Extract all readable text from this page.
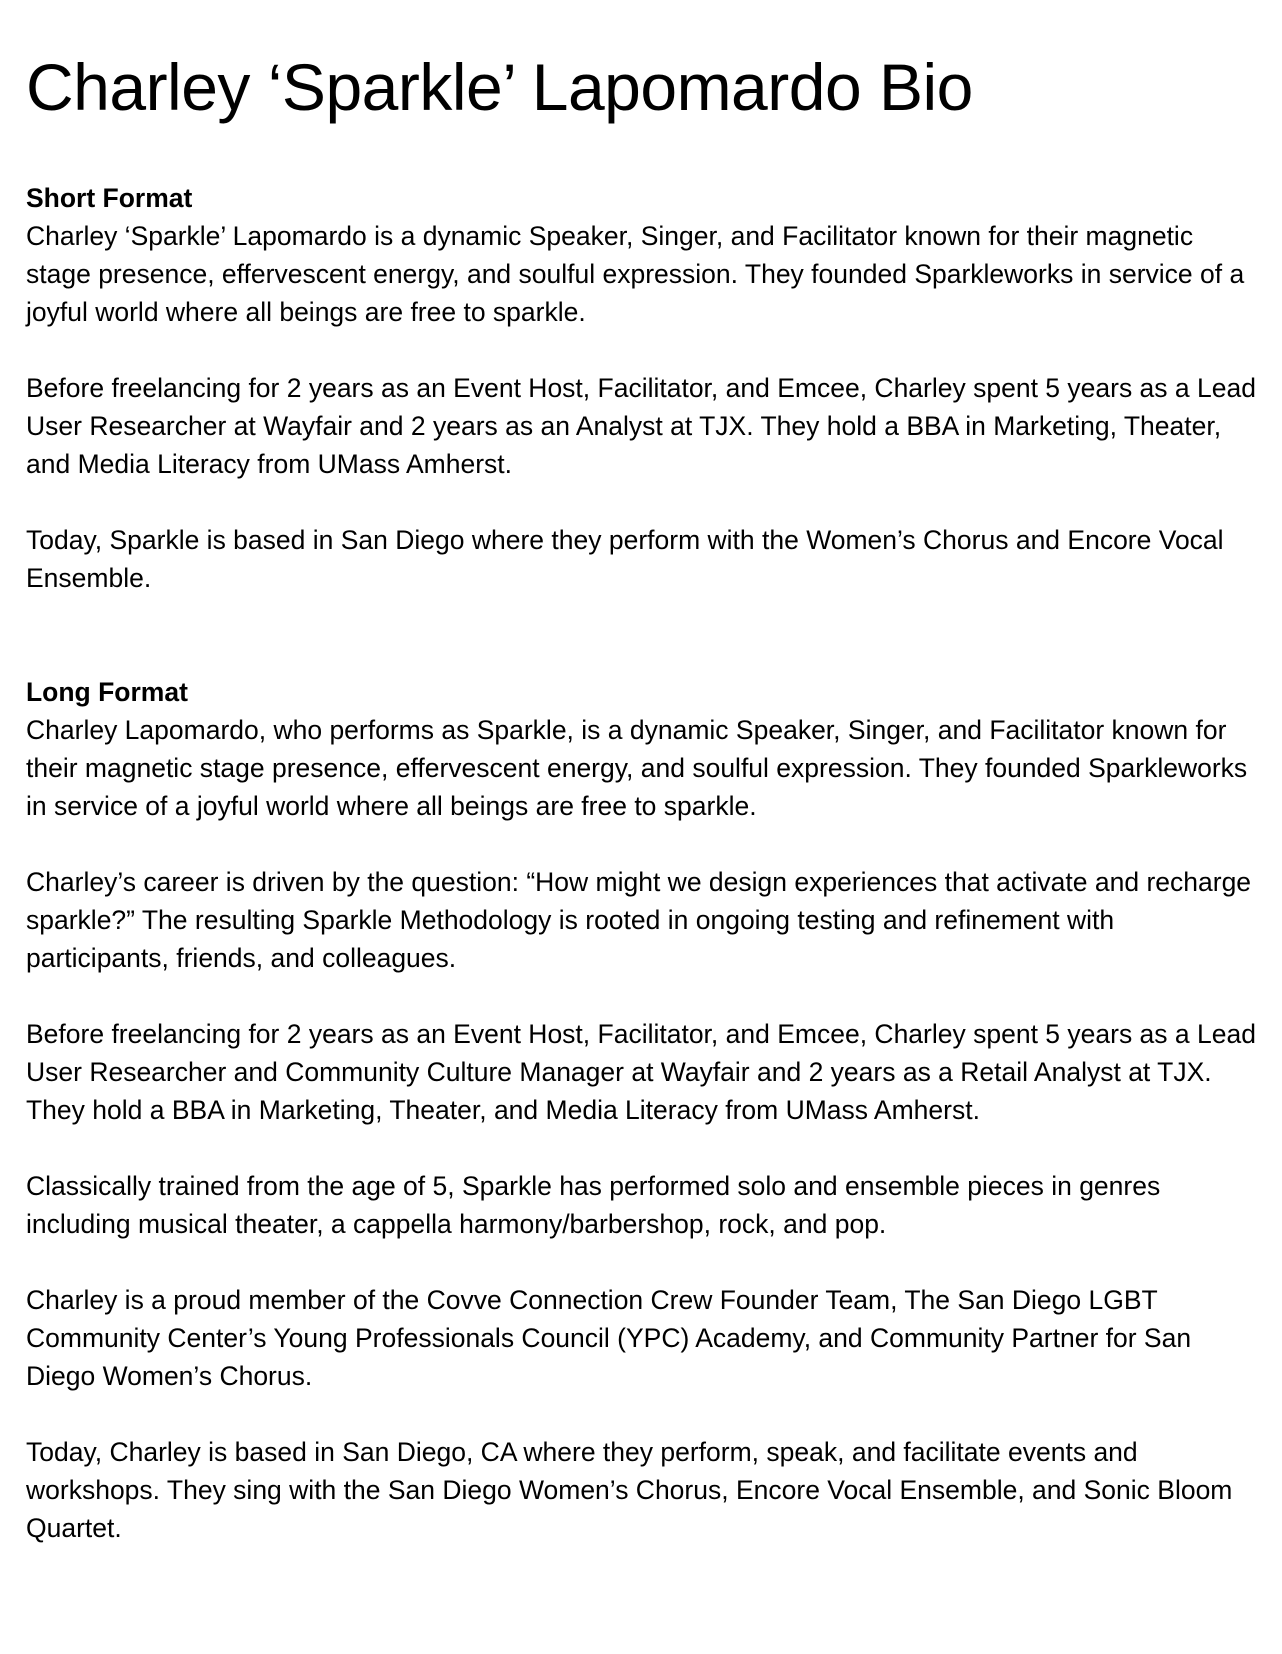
Charley ‘Sparkle’ Lapomardo Bio

Short Format

Charley ‘Sparkle’ Lapomardo is a dynamic Speaker, Singer, and Facilitator known for their magnetic stage presence, effervescent energy, and soulful expression. They founded Sparkleworks in service of a joyful world where all beings are free to sparkle.

Before freelancing for 2 years as an Event Host, Facilitator, and Emcee, Charley spent 5 years as a Lead User Researcher at Wayfair and 2 years as an Analyst at TJX. They hold a BBA in Marketing, Theater, and Media Literacy from UMass Amherst.

Today, Sparkle is based in San Diego where they perform with the Women’s Chorus and Encore Vocal Ensemble.

Long Format

Charley Lapomardo, who performs as Sparkle, is a dynamic Speaker, Singer, and Facilitator known for their magnetic stage presence, effervescent energy, and soulful expression. They founded Sparkleworks in service of a joyful world where all beings are free to sparkle.

Charley’s career is driven by the question: “How might we design experiences that activate and recharge sparkle?” The resulting Sparkle Methodology is rooted in ongoing testing and refinement with participants, friends, and colleagues.

Before freelancing for 2 years as an Event Host, Facilitator, and Emcee, Charley spent 5 years as a Lead User Researcher and Community Culture Manager at Wayfair and 2 years as a Retail Analyst at TJX. They hold a BBA in Marketing, Theater, and Media Literacy from UMass Amherst.

Classically trained from the age of 5, Sparkle has performed solo and ensemble pieces in genres including musical theater, a cappella harmony/barbershop, rock, and pop.

Charley is a proud member of the Covve Connection Crew Founder Team, The San Diego LGBT Community Center’s Young Professionals Council (YPC) Academy, and Community Partner for San Diego Women’s Chorus.

Today, Charley is based in San Diego, CA where they perform, speak, and facilitate events and workshops. They sing with the San Diego Women’s Chorus, Encore Vocal Ensemble, and Sonic Bloom Quartet.
